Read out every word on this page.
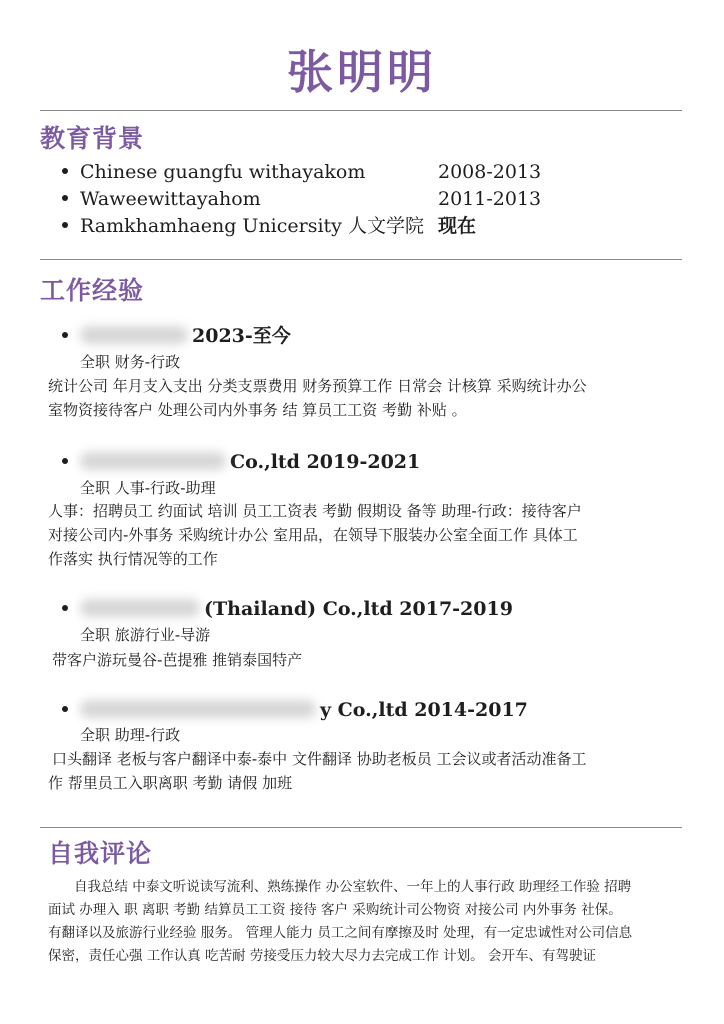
张明明
教育背景
Chinese guangfu withayakom	2008-2013
Waweewittayahom	2011-2013
Ramkhamhaeng Unicersity 人文学院 现在
工作经验
2023-至今
全职 财务-行政
统计公司 年月支入支出 分类支票费用 财务预算工作 日常会 计核算 采购统计办公
室物资接待客户 处理公司内外事务 结 算员工工资 考勤 补贴 。
Co.,ltd 2019-2021
全职 人事-行政-助理
人事：招聘员工 约面试 培训 员工工资表 考勤 假期设 备等 助理-行政：接待客户
对接公司内-外事务 采购统计办公 室用品，在领导下服装办公室全面工作 具体工
作落实 执行情况等的工作
(Thailand) Co.,ltd 2017-2019
全职 旅游行业-导游
带客户游玩曼谷-芭提雅 推销泰国特产
y Co.,ltd 2014-2017
全职 助理-行政
口头翻译 老板与客户翻译中泰-泰中 文件翻译 协助老板员 工会议或者活动准备工
作 帮里员工入职离职 考勤 请假 加班
自我评论
自我总结 中泰文听说读写流利、熟练操作 办公室软件、一年上的人事行政 助理经工作验 招聘
面试 办理入 职 离职 考勤 结算员工工资 接待 客户 采购统计司公物资 对接公司 内外事务 社保。
有翻译以及旅游行业经验 服务。 管理人能力 员工之间有摩擦及时 处理，有一定忠诚性对公司信息
保密，责任心强 工作认真 吃苦耐 劳接受压力较大尽力去完成工作 计划。 会开车、有驾驶证
